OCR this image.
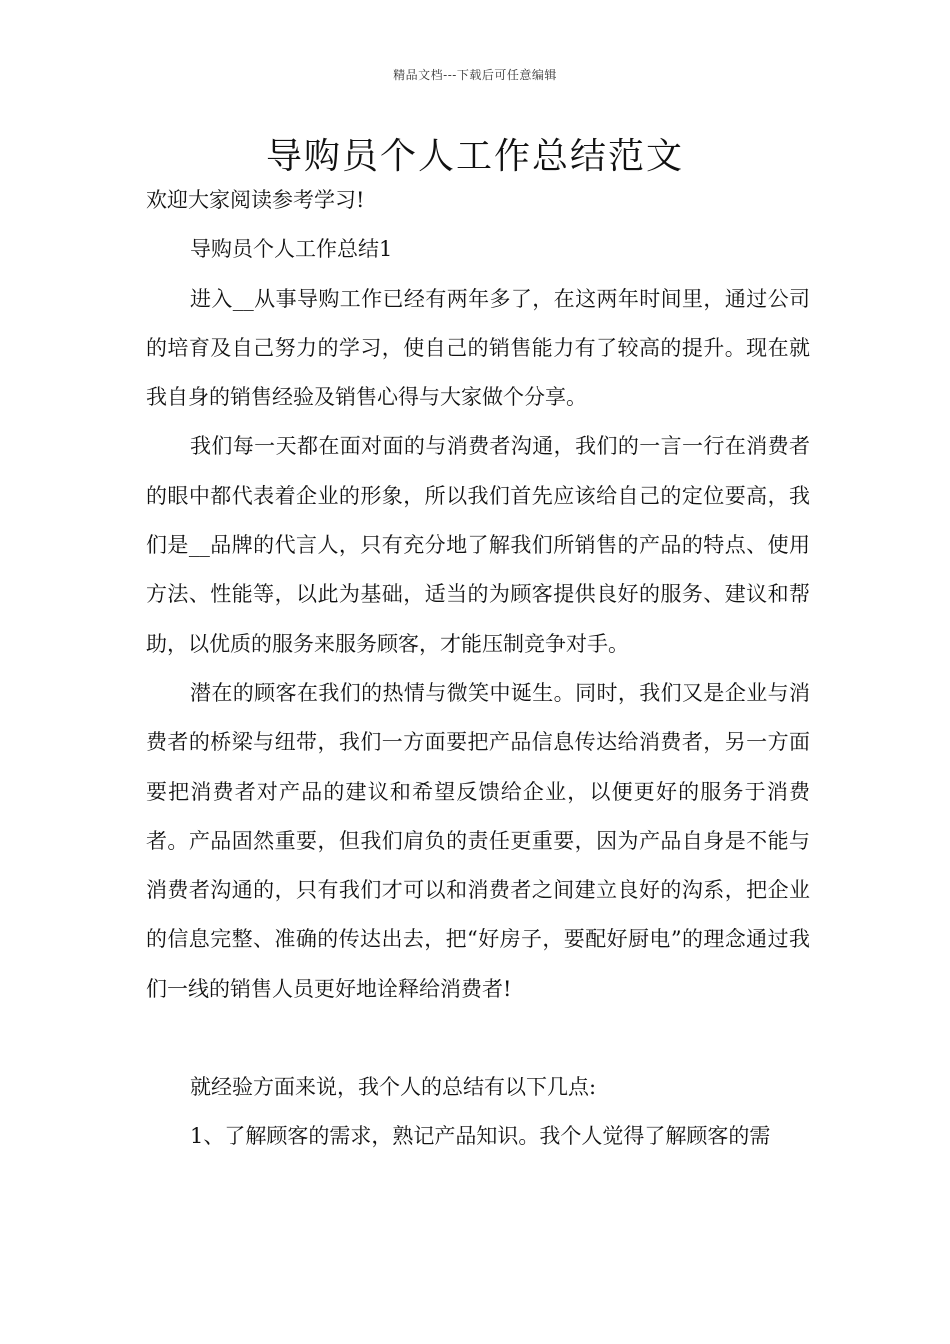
精品文档---下载后可任意编辑
导购员个人工作总结范文

欢迎大家阅读参考学习!

导购员个人工作总结1

进入__从事导购工作已经有两年多了，在这两年时间里，通过公司的培育及自己努力的学习，使自己的销售能力有了较高的提升。现在就我自身的销售经验及销售心得与大家做个分享。

我们每一天都在面对面的与消费者沟通，我们的一言一行在消费者的眼中都代表着企业的形象，所以我们首先应该给自己的定位要高，我们是__品牌的代言人，只有充分地了解我们所销售的产品的特点、使用方法、性能等，以此为基础，适当的为顾客提供良好的服务、建议和帮助，以优质的服务来服务顾客，才能压制竞争对手。

潜在的顾客在我们的热情与微笑中诞生。同时，我们又是企业与消费者的桥梁与纽带，我们一方面要把产品信息传达给消费者，另一方面要把消费者对产品的建议和希望反馈给企业，以便更好的服务于消费者。产品固然重要，但我们肩负的责任更重要，因为产品自身是不能与消费者沟通的，只有我们才可以和消费者之间建立良好的沟系，把企业的信息完整、准确的传达出去，把“好房子，要配好厨电”的理念通过我们一线的销售人员更好地诠释给消费者!

就经验方面来说，我个人的总结有以下几点:

1、了解顾客的需求，熟记产品知识。我个人觉得了解顾客的需
